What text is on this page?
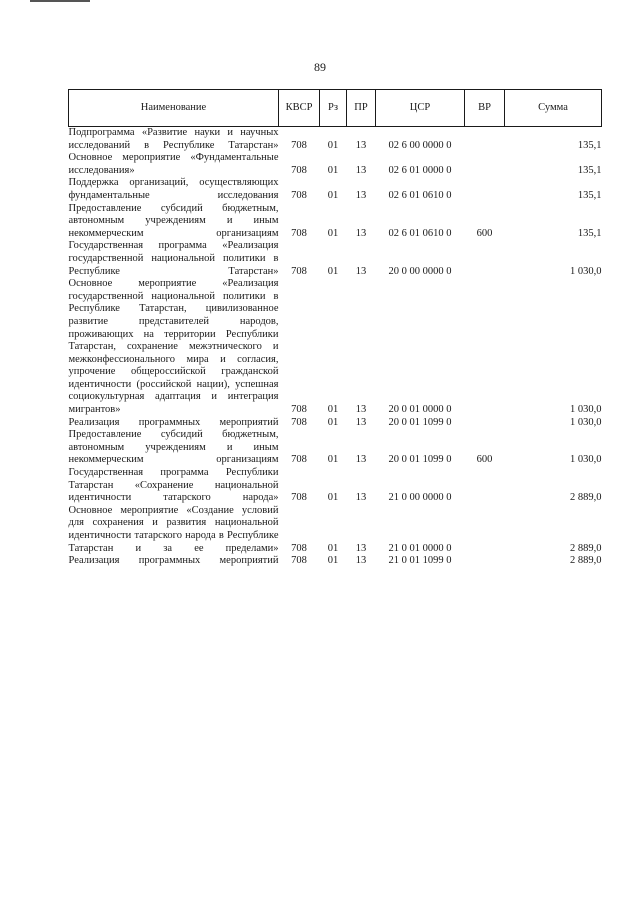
89
Наименование	КВСР	Рз	ПР	ЦСР	ВР	Сумма
Подпрограмма «Развитие науки и научных исследований в Республике Татарстан»	708	01	13	02 6 00 0000 0		135,1
Основное мероприятие «Фундаментальные исследования»	708	01	13	02 6 01 0000 0		135,1
Поддержка организаций, осуществляющих фундаментальные исследования	708	01	13	02 6 01 0610 0		135,1
Предоставление субсидий бюджетным, автономным учреждениям и иным некоммерческим организациям	708	01	13	02 6 01 0610 0	600	135,1
Государственная программа «Реализация государственной национальной политики в Республике Татарстан»	708	01	13	20 0 00 0000 0		1 030,0
Основное мероприятие «Реализация государственной национальной политики в Республике Татарстан, цивилизованное развитие представителей народов, проживающих на территории Республики Татарстан, сохранение межэтнического и межконфессионального мира и согласия, упрочение общероссийской гражданской идентичности (российской нации), успешная социокультурная адаптация и интеграция мигрантов»	708	01	13	20 0 01 0000 0		1 030,0
Реализация программных мероприятий	708	01	13	20 0 01 1099 0		1 030,0
Предоставление субсидий бюджетным, автономным учреждениям и иным некоммерческим организациям	708	01	13	20 0 01 1099 0	600	1 030,0
Государственная программа Республики Татарстан «Сохранение национальной идентичности татарского народа»	708	01	13	21 0 00 0000 0		2 889,0
Основное мероприятие «Создание условий для сохранения и развития национальной идентичности татарского народа в Республике Татарстан и за ее пределами»	708	01	13	21 0 01 0000 0		2 889,0
Реализация программных мероприятий	708	01	13	21 0 01 1099 0		2 889,0
